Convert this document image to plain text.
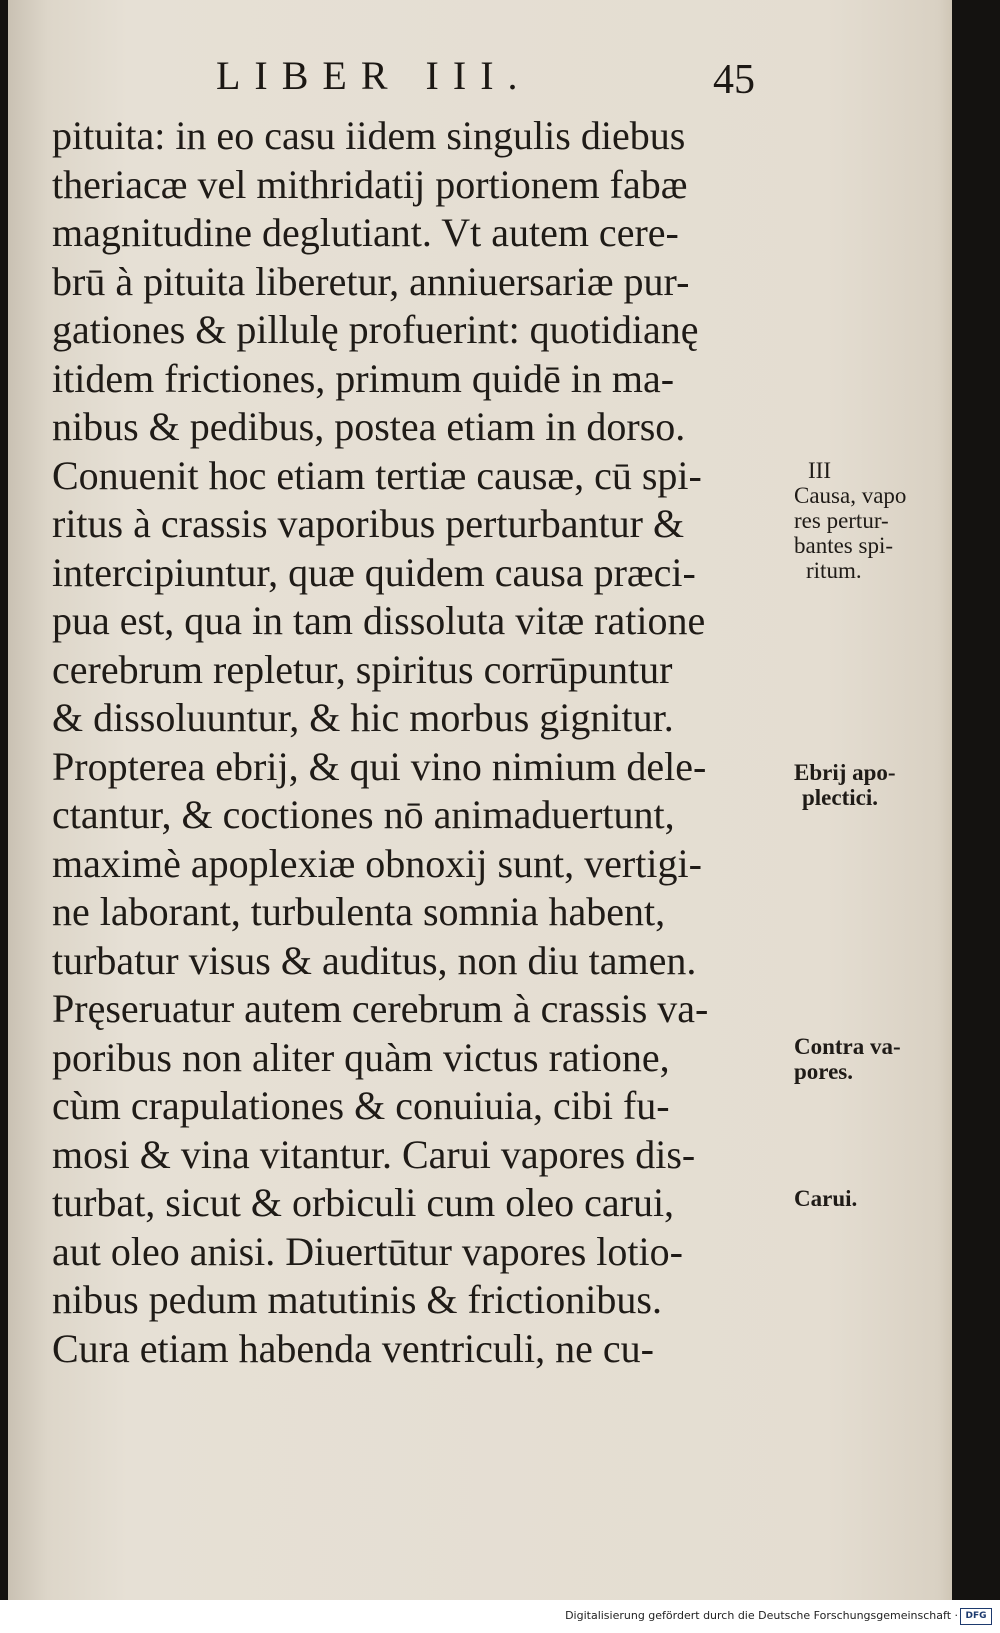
LIBER III.	45
pituita: in eo casu iidem singulis diebus
theriacæ vel mithridatij portionem fabæ
magnitudine deglutiant. Vt autem cere-
brū à pituita liberetur, anniuersariæ pur-
gationes & pillulę profuerint: quotidianę
itidem frictiones, primum quidē in ma-
nibus & pedibus, postea etiam in dorso.
Conuenit hoc etiam tertiæ causæ, cū spi-
ritus à crassis vaporibus perturbantur &
intercipiuntur, quæ quidem causa præci-
pua est, qua in tam dissoluta vitæ ratione
cerebrum repletur, spiritus corrūpuntur
& dissoluuntur, & hic morbus gignitur.
Propterea ebrij, & qui vino nimium dele-
ctantur, & coctiones nō animaduertunt,
maximè apoplexiæ obnoxij sunt, vertigi-
ne laborant, turbulenta somnia habent,
turbatur visus & auditus, non diu tamen.
Pręseruatur autem cerebrum à crassis va-
poribus non aliter quàm victus ratione,
cùm crapulationes & conuiuia, cibi fu-
mosi & vina vitantur. Carui vapores dis-
turbat, sicut & orbiculi cum oleo carui,
aut oleo anisi. Diuertūtur vapores lotio-
nibus pedum matutinis & frictionibus.
Cura etiam habenda ventriculi, ne cu-
III
Causa, vapo
res pertur-
bantes spi-
ritum.
Ebrij apo-
plectici.
Contra va-
pores.
Carui.
Digitalisierung gefördert durch die Deutsche Forschungsgemeinschaft · DFG
